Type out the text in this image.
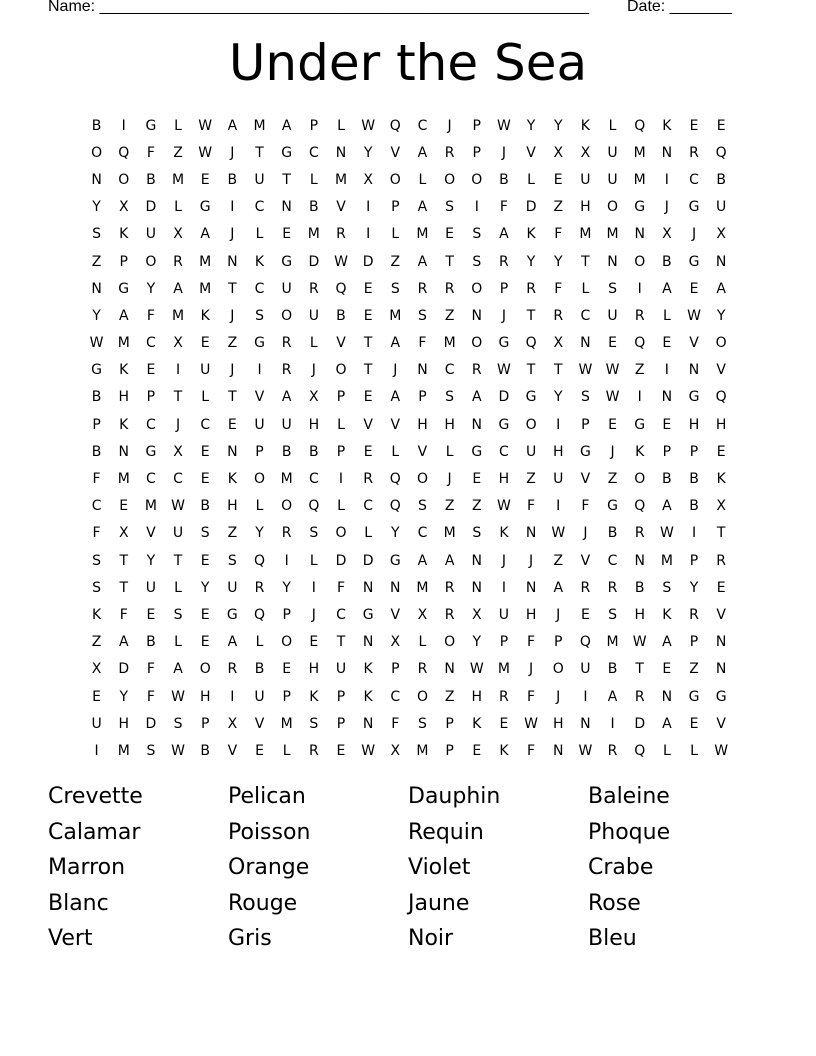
Name: _______________________________________________________ Date: _______
Under the Sea
B	I	G	L	W	A	M	A	P	L	W	Q	C	J	P	W	Y	Y	K	L	Q	K	E	E
O	Q	F	Z	W	J	T	G	C	N	Y	V	A	R	P	J	V	X	X	U	M	N	R	Q
N	O	B	M	E	B	U	T	L	M	X	O	L	O	O	B	L	E	U	U	M	I	C	B
Y	X	D	L	G	I	C	N	B	V	I	P	A	S	I	F	D	Z	H	O	G	J	G	U
S	K	U	X	A	J	L	E	M	R	I	L	M	E	S	A	K	F	M	M	N	X	J	X
Z	P	O	R	M	N	K	G	D	W	D	Z	A	T	S	R	Y	Y	T	N	O	B	G	N
N	G	Y	A	M	T	C	U	R	Q	E	S	R	R	O	P	R	F	L	S	I	A	E	A
Y	A	F	M	K	J	S	O	U	B	E	M	S	Z	N	J	T	R	C	U	R	L	W	Y
W	M	C	X	E	Z	G	R	L	V	T	A	F	M	O	G	Q	X	N	E	Q	E	V	O
G	K	E	I	U	J	I	R	J	O	T	J	N	C	R	W	T	T	W W	Z	I	N	V
B	H	P	T	L	T	V	A	X	P	E	A	P	S	A	D	G	Y	S	W	I	N	G	Q
P	K	C	J	C	E	U	U	H	L	V	V	H	H	N	G	O	I	P	E	G	E	H	H
B	N	G	X	E	N	P	B	B	P	E	L	V	L	G	C	U	H	G	J	K	P	P	E
F	M	C	C	E	K	O	M	C	I	R	Q	O	J	E	H	Z	U	V	Z	O	B	B	K
C	E	M	W	B	H	L	O	Q	L	C	Q	S	Z	Z	W	F	I	F	G	Q	A	B	X
F	X	V	U	S	Z	Y	R	S	O	L	Y	C	M	S	K	N	W	J	B	R	W	I	T
S	T	Y	T	E	S	Q	I	L	D	D	G	A	A	N	J	J	Z	V	C	N	M	P	R
S	T	U	L	Y	U	R	Y	I	F	N	N	M	R	N	I	N	A	R	R	B	S	Y	E
K	F	E	S	E	G	Q	P	J	C	G	V	X	R	X	U	H	J	E	S	H	K	R	V
Z	A	B	L	E	A	L	O	E	T	N	X	L	O	Y	P	F	P	Q	M	W	A	P	N
X	D	F	A	O	R	B	E	H	U	K	P	R	N	W	M	J	O	U	B	T	E	Z	N
E	Y	F	W	H	I	U	P	K	P	K	C	O	Z	H	R	F	J	I	A	R	N	G	G
U	H	D	S	P	X	V	M	S	P	N	F	S	P	K	E	W	H	N	I	D	A	E	V
I	M	S	W	B	V	E	L	R	E	W	X	M	P	E	K	F	N	W	R	Q	L	L	W
Crevette	Pelican	Dauphin	Baleine
Calamar	Poisson	Requin	Phoque
Marron	Orange	Violet	Crabe
Blanc	Rouge	Jaune	Rose
Vert	Gris	Noir	Bleu
